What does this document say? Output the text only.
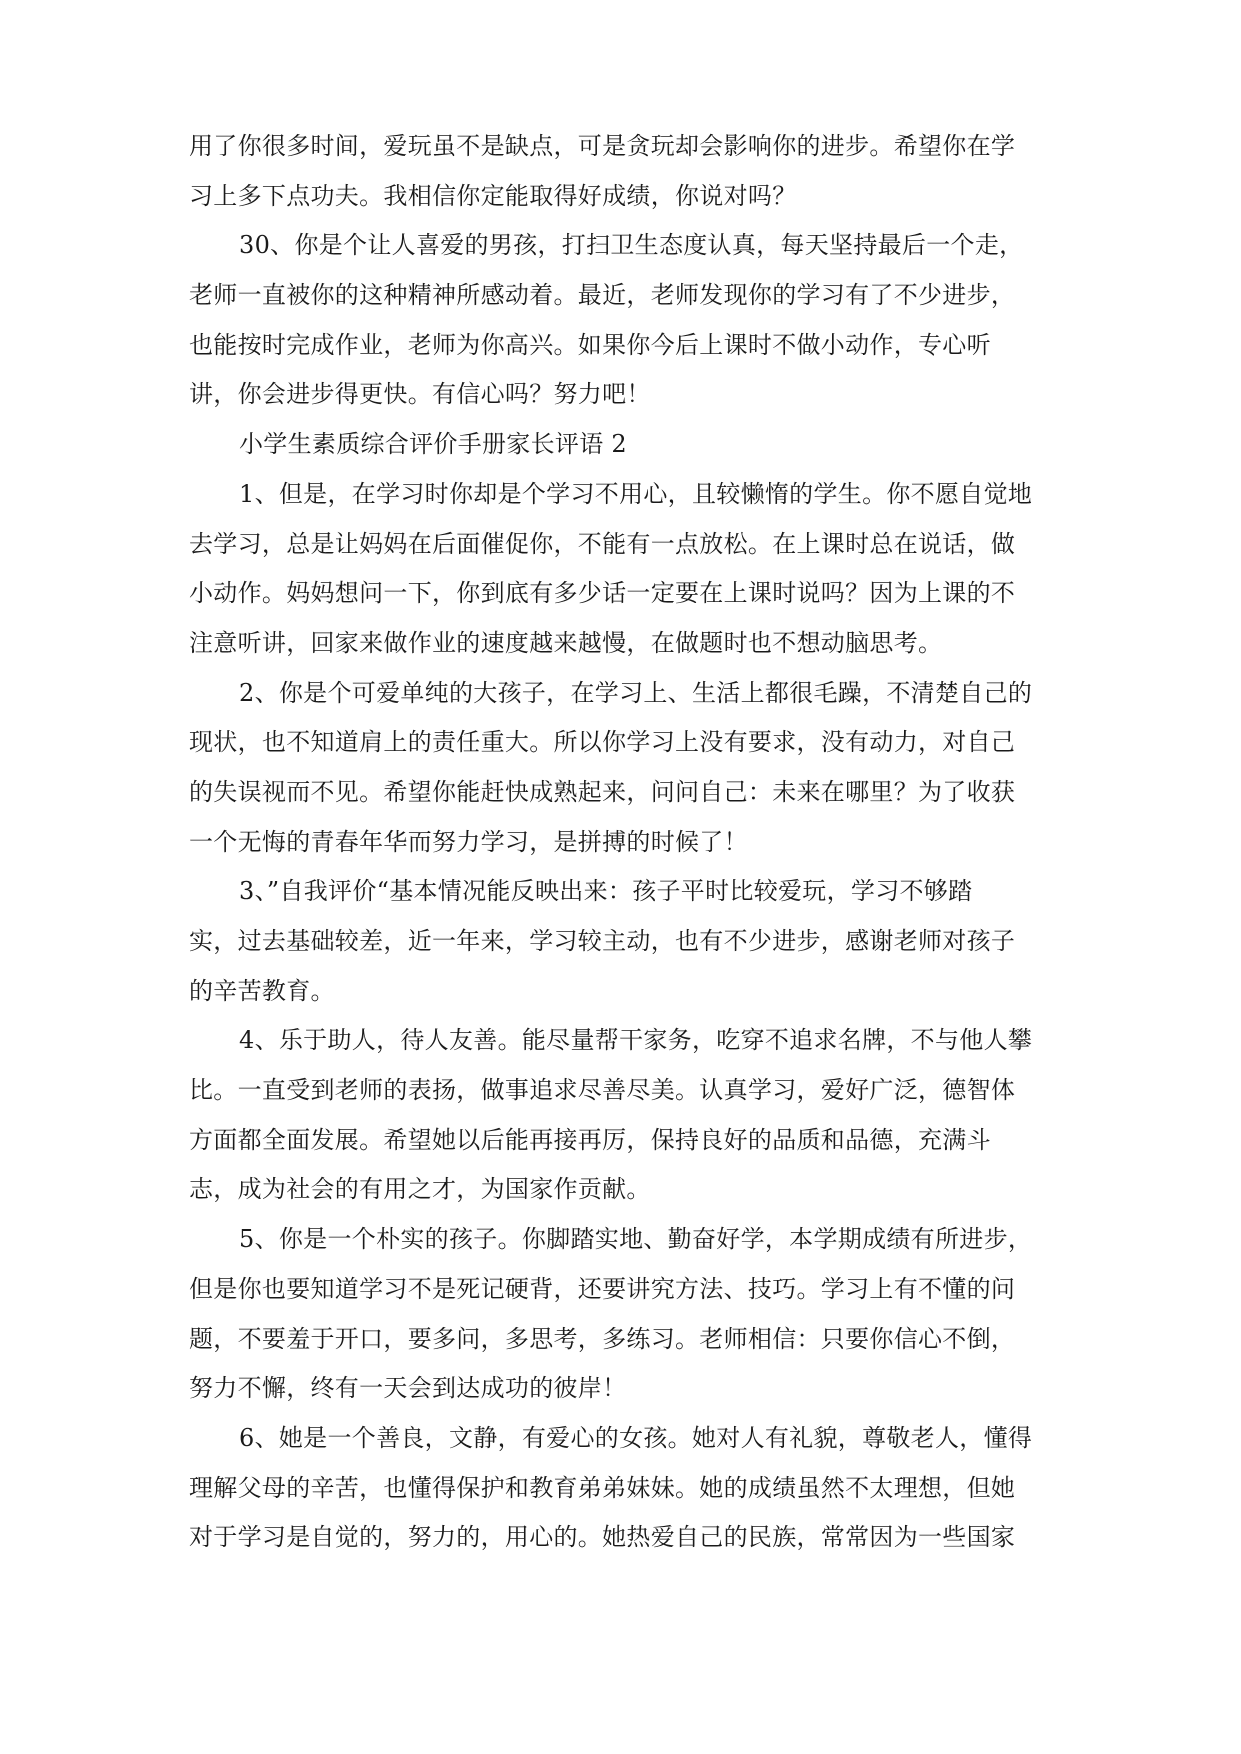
用了你很多时间，爱玩虽不是缺点，可是贪玩却会影响你的进步。希望你在学
习上多下点功夫。我相信你定能取得好成绩，你说对吗？
30、你是个让人喜爱的男孩，打扫卫生态度认真，每天坚持最后一个走，
老师一直被你的这种精神所感动着。最近，老师发现你的学习有了不少进步，
也能按时完成作业，老师为你高兴。如果你今后上课时不做小动作，专心听
讲，你会进步得更快。有信心吗？努力吧！
小学生素质综合评价手册家长评语 2
1、但是，在学习时你却是个学习不用心，且较懒惰的学生。你不愿自觉地
去学习，总是让妈妈在后面催促你，不能有一点放松。在上课时总在说话，做
小动作。妈妈想问一下，你到底有多少话一定要在上课时说吗？因为上课的不
注意听讲，回家来做作业的速度越来越慢，在做题时也不想动脑思考。
2、你是个可爱单纯的大孩子，在学习上、生活上都很毛躁，不清楚自己的
现状，也不知道肩上的责任重大。所以你学习上没有要求，没有动力，对自己
的失误视而不见。希望你能赶快成熟起来，问问自己：未来在哪里？为了收获
一个无悔的青春年华而努力学习，是拼搏的时候了！
3、”自我评价“基本情况能反映出来：孩子平时比较爱玩，学习不够踏
实，过去基础较差，近一年来，学习较主动，也有不少进步，感谢老师对孩子
的辛苦教育。
4、乐于助人，待人友善。能尽量帮干家务，吃穿不追求名牌，不与他人攀
比。一直受到老师的表扬，做事追求尽善尽美。认真学习，爱好广泛，德智体
方面都全面发展。希望她以后能再接再厉，保持良好的品质和品德，充满斗
志，成为社会的有用之才，为国家作贡献。
5、你是一个朴实的孩子。你脚踏实地、勤奋好学，本学期成绩有所进步，
但是你也要知道学习不是死记硬背，还要讲究方法、技巧。学习上有不懂的问
题，不要羞于开口，要多问，多思考，多练习。老师相信：只要你信心不倒，
努力不懈，终有一天会到达成功的彼岸！
6、她是一个善良，文静，有爱心的女孩。她对人有礼貌，尊敬老人，懂得
理解父母的辛苦，也懂得保护和教育弟弟妹妹。她的成绩虽然不太理想，但她
对于学习是自觉的，努力的，用心的。她热爱自己的民族，常常因为一些国家
